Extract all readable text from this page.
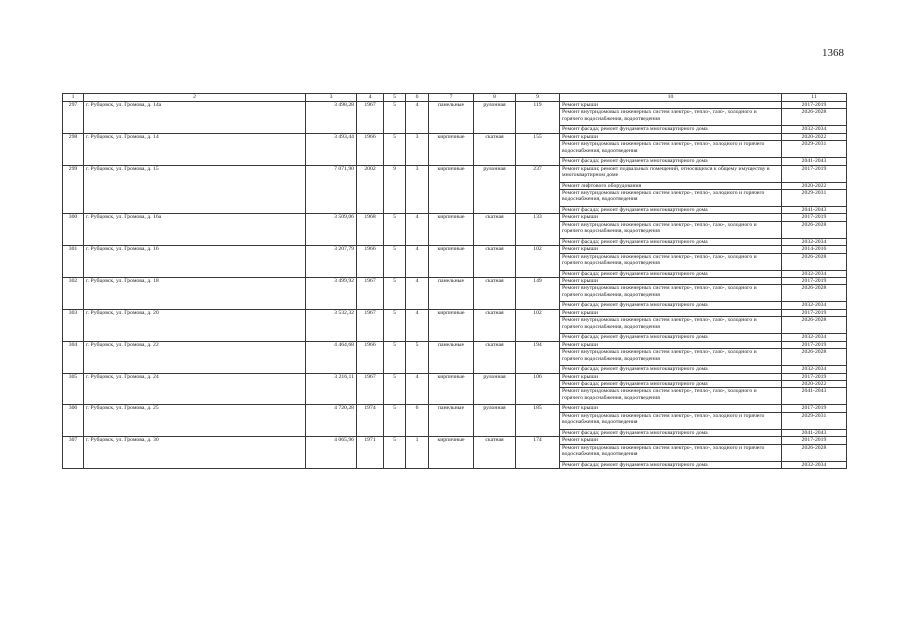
1368
1	2	3	4	5	6	7	8	9	10	11
297	г. Рубцовск, ул. Громова, д. 14а	3 498,28	1967	5	4	панельные	рулонная	119	Ремонт крыши	2017-2019
									Ремонт внутридомовых инженерных систем электро-, тепло-, газо-, холодного и горячего водоснабжения, водоотведения	2026-2028
									Ремонт фасада; ремонт фундамента многоквартирного дома	2032-2034
298	г. Рубцовск, ул. Громова, д. 14	3 493,44	1966	5	3	кирпичные	скатная	155	Ремонт крыши	2020-2022
									Ремонт внутридомовых инженерных систем электро-, тепло-, холодного и горячего водоснабжения, водоотведения	2029-2031
									Ремонт фасада; ремонт фундамента многоквартирного дома	2041-2043
299	г. Рубцовск, ул. Громова, д. 15	7 071,90	2002	9	3	кирпичные	рулонная	237	Ремонт крыши; ремонт подвальных помещений, относящихся к общему имуществу в многоквартирном доме	2017-2019
									Ремонт лифтового оборудования	2020-2022
									Ремонт внутридомовых инженерных систем электро-, тепло-, холодного и горячего водоснабжения, водоотведения	2029-2031
									Ремонт фасада; ремонт фундамента многоквартирного дома	2041-2043
300	г. Рубцовск, ул. Громова, д. 16а	3 509,06	1968	5	4	кирпичные	скатная	133	Ремонт крыши	2017-2019
									Ремонт внутридомовых инженерных систем электро-, тепло-, газо-, холодного и горячего водоснабжения, водоотведения	2026-2028
									Ремонт фасада; ремонт фундамента многоквартирного дома	2032-2034
301	г. Рубцовск, ул. Громова, д. 16	3 207,79	1966	5	4	кирпичные	скатная	102	Ремонт крыши	2014-2016
									Ремонт внутридомовых инженерных систем электро-, тепло-, газо-, холодного и горячего водоснабжения, водоотведения	2026-2028
									Ремонт фасада; ремонт фундамента многоквартирного дома	2032-2034
302	г. Рубцовск, ул. Громова, д. 18	3 499,92	1967	5	4	панельные	скатная	149	Ремонт крыши	2017-2019
									Ремонт внутридомовых инженерных систем электро-, тепло-, газо-, холодного и горячего водоснабжения, водоотведения	2026-2028
									Ремонт фасада; ремонт фундамента многоквартирного дома	2032-2034
303	г. Рубцовск, ул. Громова, д. 20	3 532,32	1967	5	4	кирпичные	скатная	102	Ремонт крыши	2017-2019
									Ремонт внутридомовых инженерных систем электро-, тепло-, газо-, холодного и горячего водоснабжения, водоотведения	2026-2028
									Ремонт фасада; ремонт фундамента многоквартирного дома	2032-2034
304	г. Рубцовск, ул. Громова, д. 22	4 464,68	1966	5	5	панельные	скатная	194	Ремонт крыши	2017-2019
									Ремонт внутридомовых инженерных систем электро-, тепло-, газо-, холодного и горячего водоснабжения, водоотведения	2026-2028
									Ремонт фасада; ремонт фундамента многоквартирного дома	2032-2034
305	г. Рубцовск, ул. Громова, д. 24	3 216,11	1967	5	4	кирпичные	рулонная	106	Ремонт крыши	2017-2019
									Ремонт фасада; ремонт фундамента многоквартирного дома	2020-2022
									Ремонт внутридомовых инженерных систем электро-, тепло-, газо-, холодного и горячего водоснабжения, водоотведения	2041-2043
306	г. Рубцовск, ул. Громова, д. 25	4 720,28	1974	5	6	панельные	рулонная	185	Ремонт крыши	2017-2019
									Ремонт внутридомовых инженерных систем электро-, тепло-, холодного и горячего водоснабжения, водоотведения	2029-2031
									Ремонт фасада; ремонт фундамента многоквартирного дома	2041-2043
307	г. Рубцовск, ул. Громова, д. 30	4 065,96	1971	5	1	кирпичные	скатная	174	Ремонт крыши	2017-2019
									Ремонт внутридомовых инженерных систем электро-, тепло-, холодного и горячего водоснабжения, водоотведения	2026-2028
									Ремонт фасада; ремонт фундамента многоквартирного дома	2032-2034
